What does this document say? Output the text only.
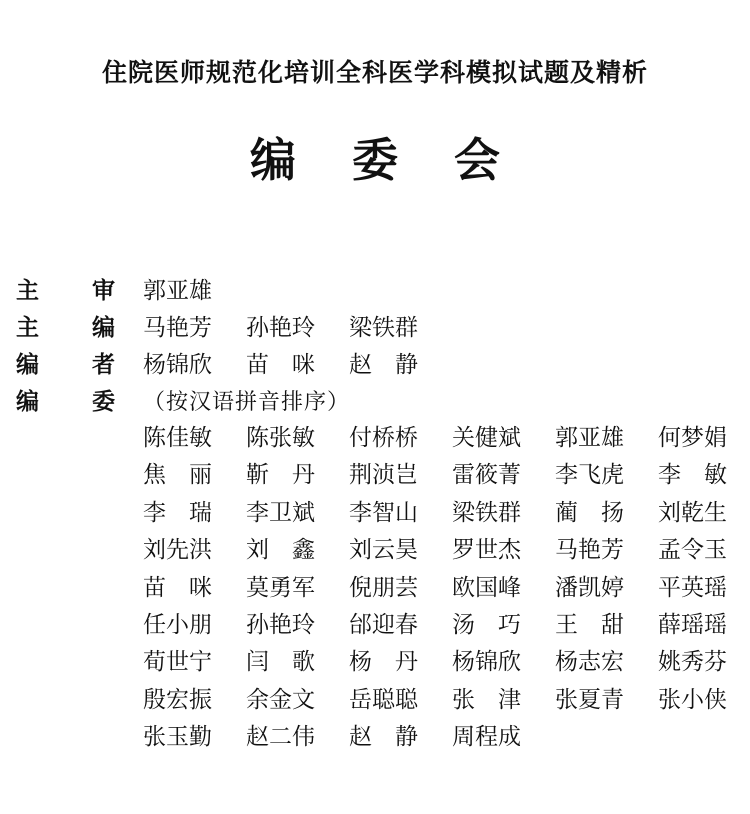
住院医师规范化培训全科医学科模拟试题及精析
编 委 会
主 审 郭亚雄
主 编 马艳芳	孙艳玲	梁铁群
编 者 杨锦欣	苗　咪	赵　静
编 委 （按汉语拼音排序）
陈佳敏	陈张敏	付桥桥	关健斌	郭亚雄	何梦娟
焦　丽	靳　丹	荆浈岂	雷筱菁	李飞虎	李　敏
李　瑞	李卫斌	李智山	梁铁群	蔺　扬	刘乾生
刘先洪	刘　鑫	刘云昊	罗世杰	马艳芳	孟令玉
苗　咪	莫勇军	倪朋芸	欧国峰	潘凯婷	平英瑶
任小朋	孙艳玲	邰迎春	汤　巧	王　甜	薛瑶瑶
荀世宁	闫　歌	杨　丹	杨锦欣	杨志宏	姚秀芬
殷宏振	余金文	岳聪聪	张　津	张夏青	张小侠
张玉勤	赵二伟	赵　静	周程成
